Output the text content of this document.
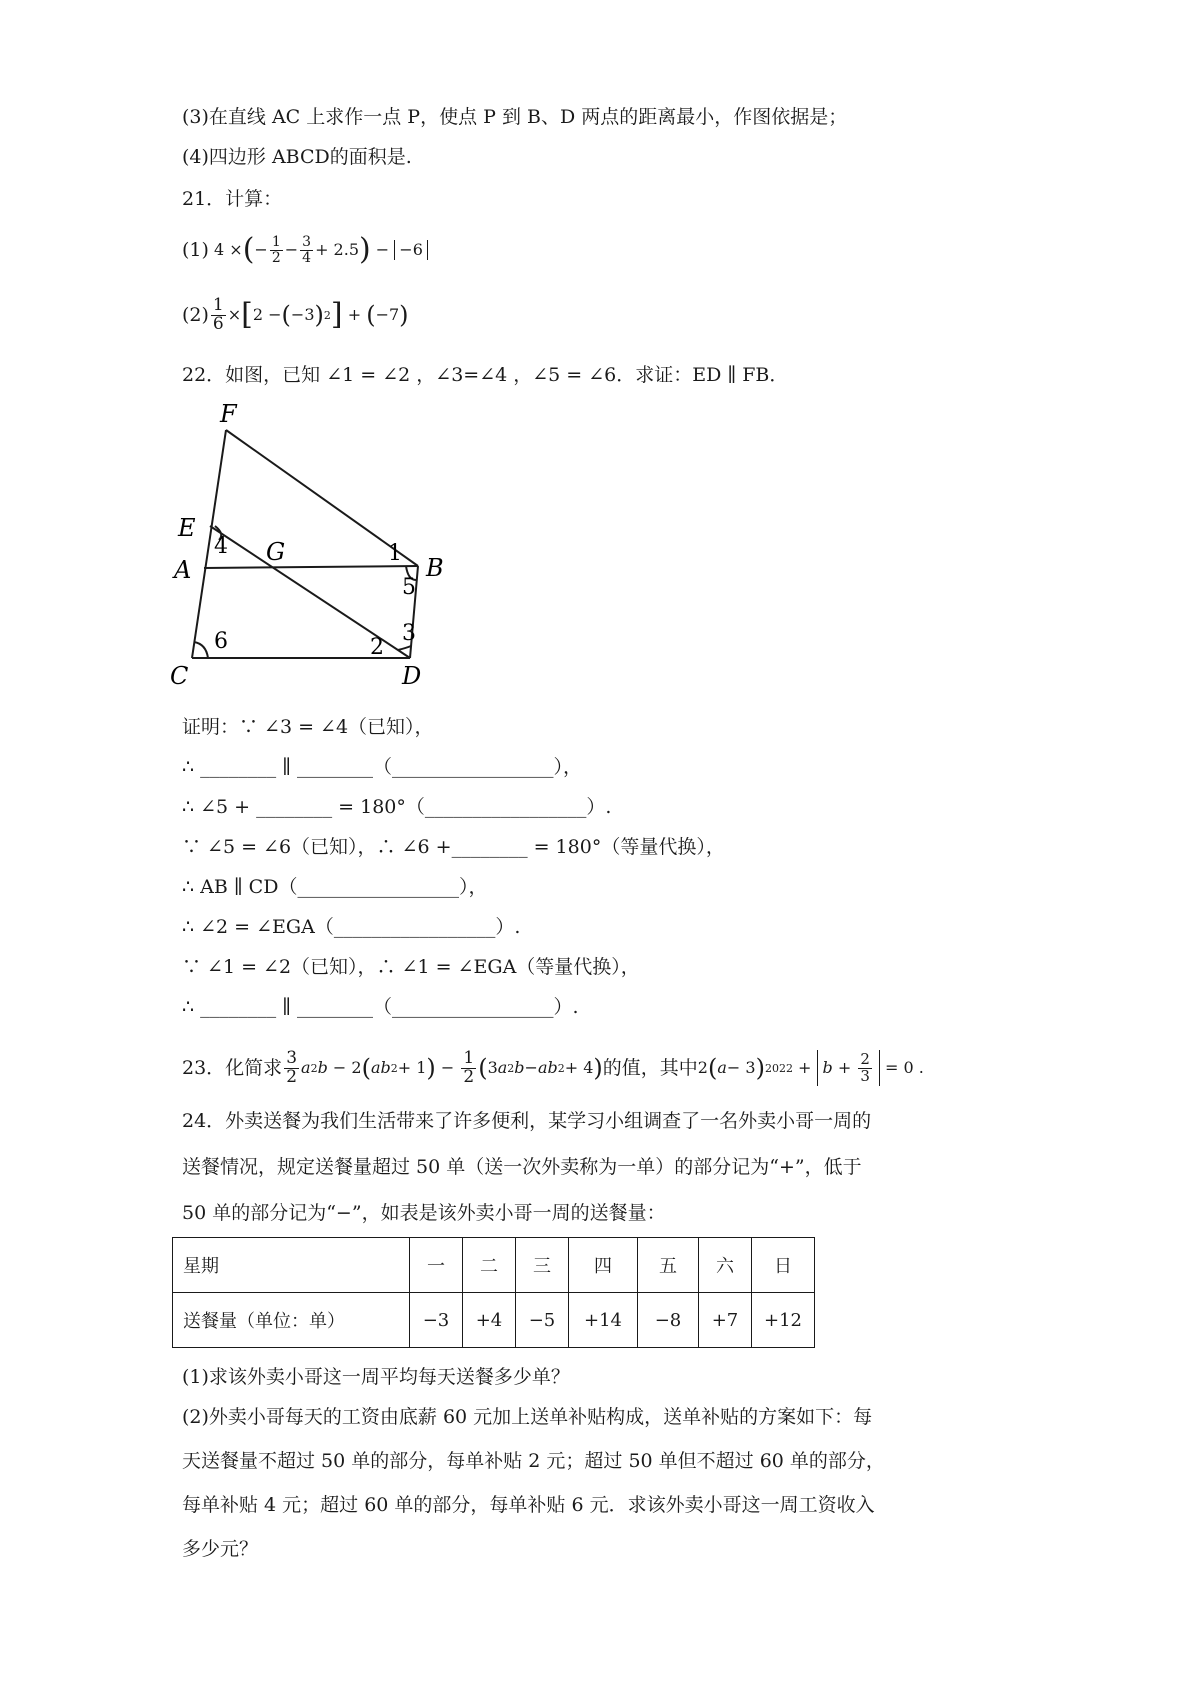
(3)在直线 AC 上求作一点 P，使点 P 到 B、D 两点的距离最小，作图依据是；
(4)四边形 ABCD的面积是.
21．计算：
(1) 4 × ( − $\frac{1}{2} - \frac{3}{4} + 2.5$ ) − −6
$(2) \frac{1}{6}$ × [ 2 − ( −3 ) 2 ] + ( −7 )
22．如图，已知 ∠1 = ∠2 ，∠3=∠4 ，∠5 = ∠6．求证：ED ∥ FB．
F
E
A
G
B
C	D
1
2
3
4
5
6
证明：∵ ∠3 = ∠4（已知），
∴ ________ ∥ ________（_________________），
∴ ∠5 + ________ = 180°（_________________）.
∵ ∠5 = ∠6（已知），∴ ∠6 +________ = 180°（等量代换），
∴ AB ∥ CD（_________________），
∴ ∠2 = ∠EGA（_________________）.
∵ ∠1 = ∠2（已知），∴ ∠1 = ∠EGA（等量代换），
∴ ________ ∥ ________（_________________）.
23．化简求 $\frac{3}{2}$ a 2 b − 2 ( ab 2 + 1 ) − $\frac{1}{2}$ ( 3 a 2 b − ab 2 + 4 ) 的值，其中 2 ( a − 3 ) $2022 + b + \frac{2}{3} = 0$ .
24．外卖送餐为我们生活带来了许多便利，某学习小组调查了一名外卖小哥一周的
送餐情况，规定送餐量超过 50 单（送一次外卖称为一单）的部分记为“+”，低于
50 单的部分记为“−”，如表是该外卖小哥一周的送餐量：
星期	一	二	三	四	五	六	日
送餐量（单位：单）	−3	+4	−5	+14	−8	+7	+12
(1)求该外卖小哥这一周平均每天送餐多少单？
(2)外卖小哥每天的工资由底薪 60 元加上送单补贴构成，送单补贴的方案如下：每
天送餐量不超过 50 单的部分，每单补贴 2 元；超过 50 单但不超过 60 单的部分，
每单补贴 4 元；超过 60 单的部分，每单补贴 6 元．求该外卖小哥这一周工资收入
多少元？
